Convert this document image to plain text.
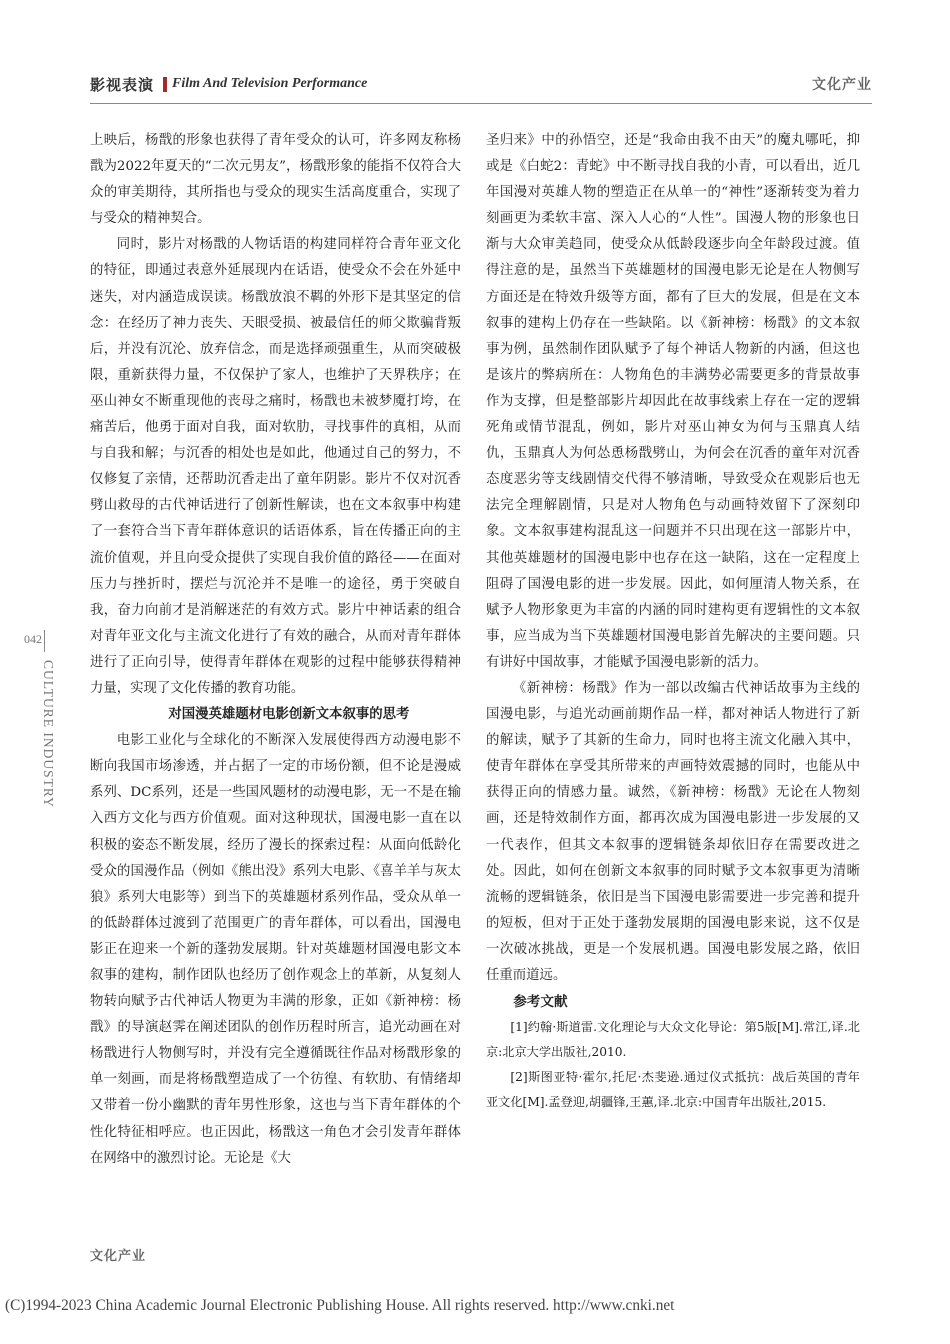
影视表演 Film And Television Performance	文化产业
042
CULTURE INDUSTRY

上映后，杨戬的形象也获得了青年受众的认可，许多网友称杨戬为2022年夏天的“二次元男友”，杨戬形象的能指不仅符合大众的审美期待，其所指也与受众的现实生活高度重合，实现了与受众的精神契合。

同时，影片对杨戬的人物话语的构建同样符合青年亚文化的特征，即通过表意外延展现内在话语，使受众不会在外延中迷失，对内涵造成误读。杨戬放浪不羁的外形下是其坚定的信念：在经历了神力丧失、天眼受损、被最信任的师父欺骗背叛后，并没有沉沦、放弃信念，而是选择顽强重生，从而突破极限，重新获得力量，不仅保护了家人，也维护了天界秩序；在巫山神女不断重现他的丧母之痛时，杨戬也未被梦魇打垮，在痛苦后，他勇于面对自我，面对软肋，寻找事件的真相，从而与自我和解；与沉香的相处也是如此，他通过自己的努力，不仅修复了亲情，还帮助沉香走出了童年阴影。影片不仅对沉香劈山救母的古代神话进行了创新性解读，也在文本叙事中构建了一套符合当下青年群体意识的话语体系，旨在传播正向的主流价值观，并且向受众提供了实现自我价值的路径——在面对压力与挫折时，摆烂与沉沦并不是唯一的途径，勇于突破自我，奋力向前才是消解迷茫的有效方式。影片中神话素的组合对青年亚文化与主流文化进行了有效的融合，从而对青年群体进行了正向引导，使得青年群体在观影的过程中能够获得精神力量，实现了文化传播的教育功能。

对国漫英雄题材电影创新文本叙事的思考

电影工业化与全球化的不断深入发展使得西方动漫电影不断向我国市场渗透，并占据了一定的市场份额，但不论是漫威系列、DC系列，还是一些国风题材的动漫电影，无一不是在输入西方文化与西方价值观。面对这种现状，国漫电影一直在以积极的姿态不断发展，经历了漫长的探索过程：从面向低龄化受众的国漫作品（例如《熊出没》系列大电影、《喜羊羊与灰太狼》系列大电影等）到当下的英雄题材系列作品，受众从单一的低龄群体过渡到了范围更广的青年群体，可以看出，国漫电影正在迎来一个新的蓬勃发展期。针对英雄题材国漫电影文本叙事的建构，制作团队也经历了创作观念上的革新，从复刻人物转向赋予古代神话人物更为丰满的形象，正如《新神榜：杨戬》的导演赵霁在阐述团队的创作历程时所言，追光动画在对杨戬进行人物侧写时，并没有完全遵循既往作品对杨戬形象的单一刻画，而是将杨戬塑造成了一个彷徨、有软肋、有情绪却又带着一份小幽默的青年男性形象，这也与当下青年群体的个性化特征相呼应。也正因此，杨戬这一角色才会引发青年群体在网络中的激烈讨论。无论是《大

圣归来》中的孙悟空，还是“我命由我不由天”的魔丸哪吒，抑或是《白蛇2：青蛇》中不断寻找自我的小青，可以看出，近几年国漫对英雄人物的塑造正在从单一的“神性”逐渐转变为着力刻画更为柔软丰富、深入人心的“人性”。国漫人物的形象也日渐与大众审美趋同，使受众从低龄段逐步向全年龄段过渡。值得注意的是，虽然当下英雄题材的国漫电影无论是在人物侧写方面还是在特效升级等方面，都有了巨大的发展，但是在文本叙事的建构上仍存在一些缺陷。以《新神榜：杨戬》的文本叙事为例，虽然制作团队赋予了每个神话人物新的内涵，但这也是该片的弊病所在：人物角色的丰满势必需要更多的背景故事作为支撑，但是整部影片却因此在故事线索上存在一定的逻辑死角或情节混乱，例如，影片对巫山神女为何与玉鼎真人结仇，玉鼎真人为何怂恿杨戬劈山，为何会在沉香的童年对沉香态度恶劣等支线剧情交代得不够清晰，导致受众在观影后也无法完全理解剧情，只是对人物角色与动画特效留下了深刻印象。文本叙事建构混乱这一问题并不只出现在这一部影片中，其他英雄题材的国漫电影中也存在这一缺陷，这在一定程度上阻碍了国漫电影的进一步发展。因此，如何厘清人物关系，在赋予人物形象更为丰富的内涵的同时建构更有逻辑性的文本叙事，应当成为当下英雄题材国漫电影首先解决的主要问题。只有讲好中国故事，才能赋予国漫电影新的活力。

《新神榜：杨戬》作为一部以改编古代神话故事为主线的国漫电影，与追光动画前期作品一样，都对神话人物进行了新的解读，赋予了其新的生命力，同时也将主流文化融入其中，使青年群体在享受其所带来的声画特效震撼的同时，也能从中获得正向的情感力量。诚然，《新神榜：杨戬》无论在人物刻画，还是特效制作方面，都再次成为国漫电影进一步发展的又一代表作，但其文本叙事的逻辑链条却依旧存在需要改进之处。因此，如何在创新文本叙事的同时赋予文本叙事更为清晰流畅的逻辑链条，依旧是当下国漫电影需要进一步完善和提升的短板，但对于正处于蓬勃发展期的国漫电影来说，这不仅是一次破冰挑战，更是一个发展机遇。国漫电影发展之路，依旧任重而道远。

参考文献

[1]约翰·斯道雷.文化理论与大众文化导论：第5版[M].常江,译.北京:北京大学出版社,2010.

[2]斯图亚特·霍尔,托尼·杰斐逊.通过仪式抵抗：战后英国的青年亚文化[M].孟登迎,胡疆锋,王蕙,译.北京:中国青年出版社,2015.

文化产业
(C)1994-2023 China Academic Journal Electronic Publishing House. All rights reserved. http://www.cnki.net
